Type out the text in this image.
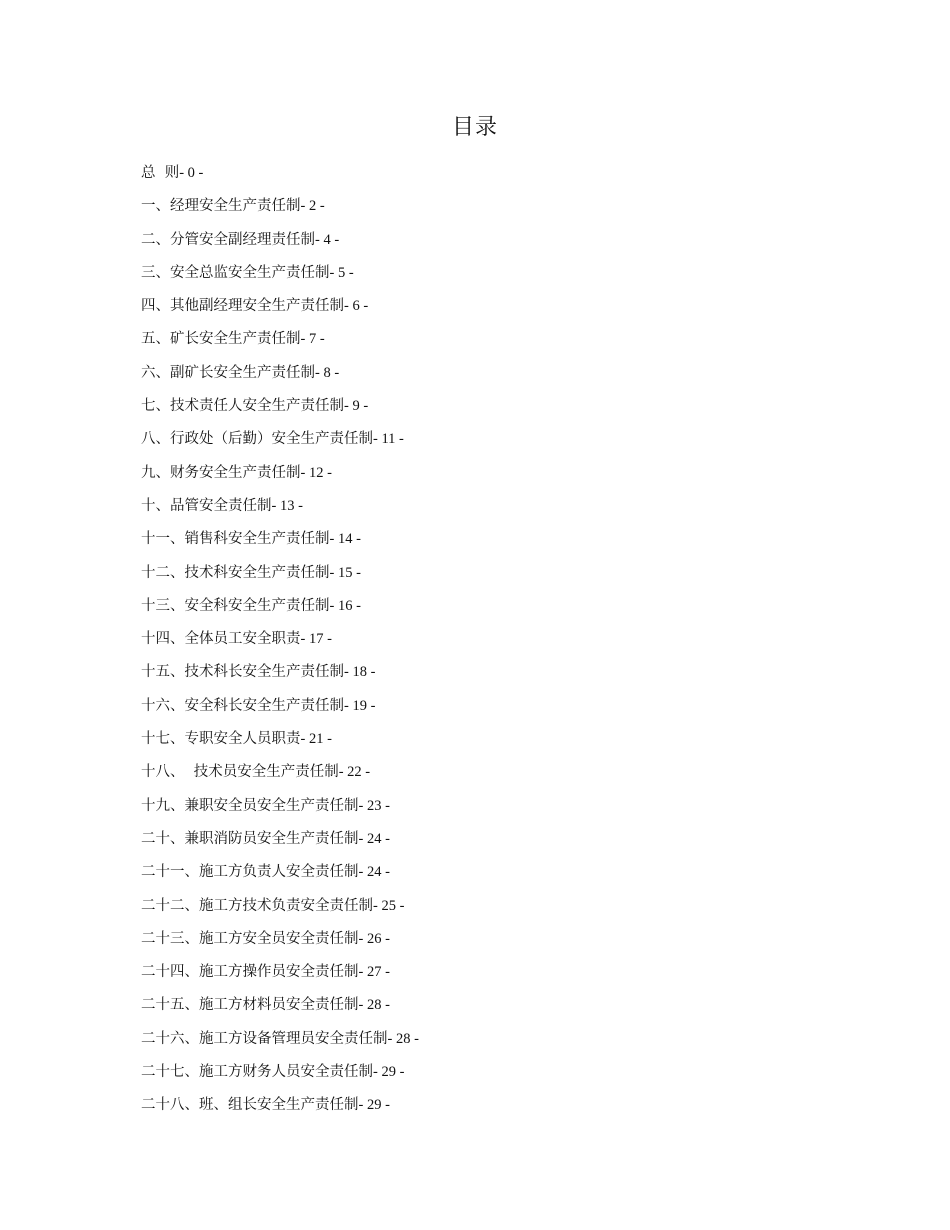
目录
总  则- 0 -
一、经理安全生产责任制- 2 -
二、分管安全副经理责任制- 4 -
三、安全总监安全生产责任制- 5 -
四、其他副经理安全生产责任制- 6 -
五、矿长安全生产责任制- 7 -
六、副矿长安全生产责任制- 8 -
七、技术责任人安全生产责任制- 9 -
八、行政处（后勤）安全生产责任制- 11 -
九、财务安全生产责任制- 12 -
十、品管安全责任制- 13 -
十一、销售科安全生产责任制- 14 -
十二、技术科安全生产责任制- 15 -
十三、安全科安全生产责任制- 16 -
十四、全体员工安全职责- 17 -
十五、技术科长安全生产责任制- 18 -
十六、安全科长安全生产责任制- 19 -
十七、专职安全人员职责- 21 -
十八、  技术员安全生产责任制- 22 -
十九、兼职安全员安全生产责任制- 23 -
二十、兼职消防员安全生产责任制- 24 -
二十一、施工方负责人安全责任制- 24 -
二十二、施工方技术负责安全责任制- 25 -
二十三、施工方安全员安全责任制- 26 -
二十四、施工方操作员安全责任制- 27 -
二十五、施工方材料员安全责任制- 28 -
二十六、施工方设备管理员安全责任制- 28 -
二十七、施工方财务人员安全责任制- 29 -
二十八、班、组长安全生产责任制- 29 -
